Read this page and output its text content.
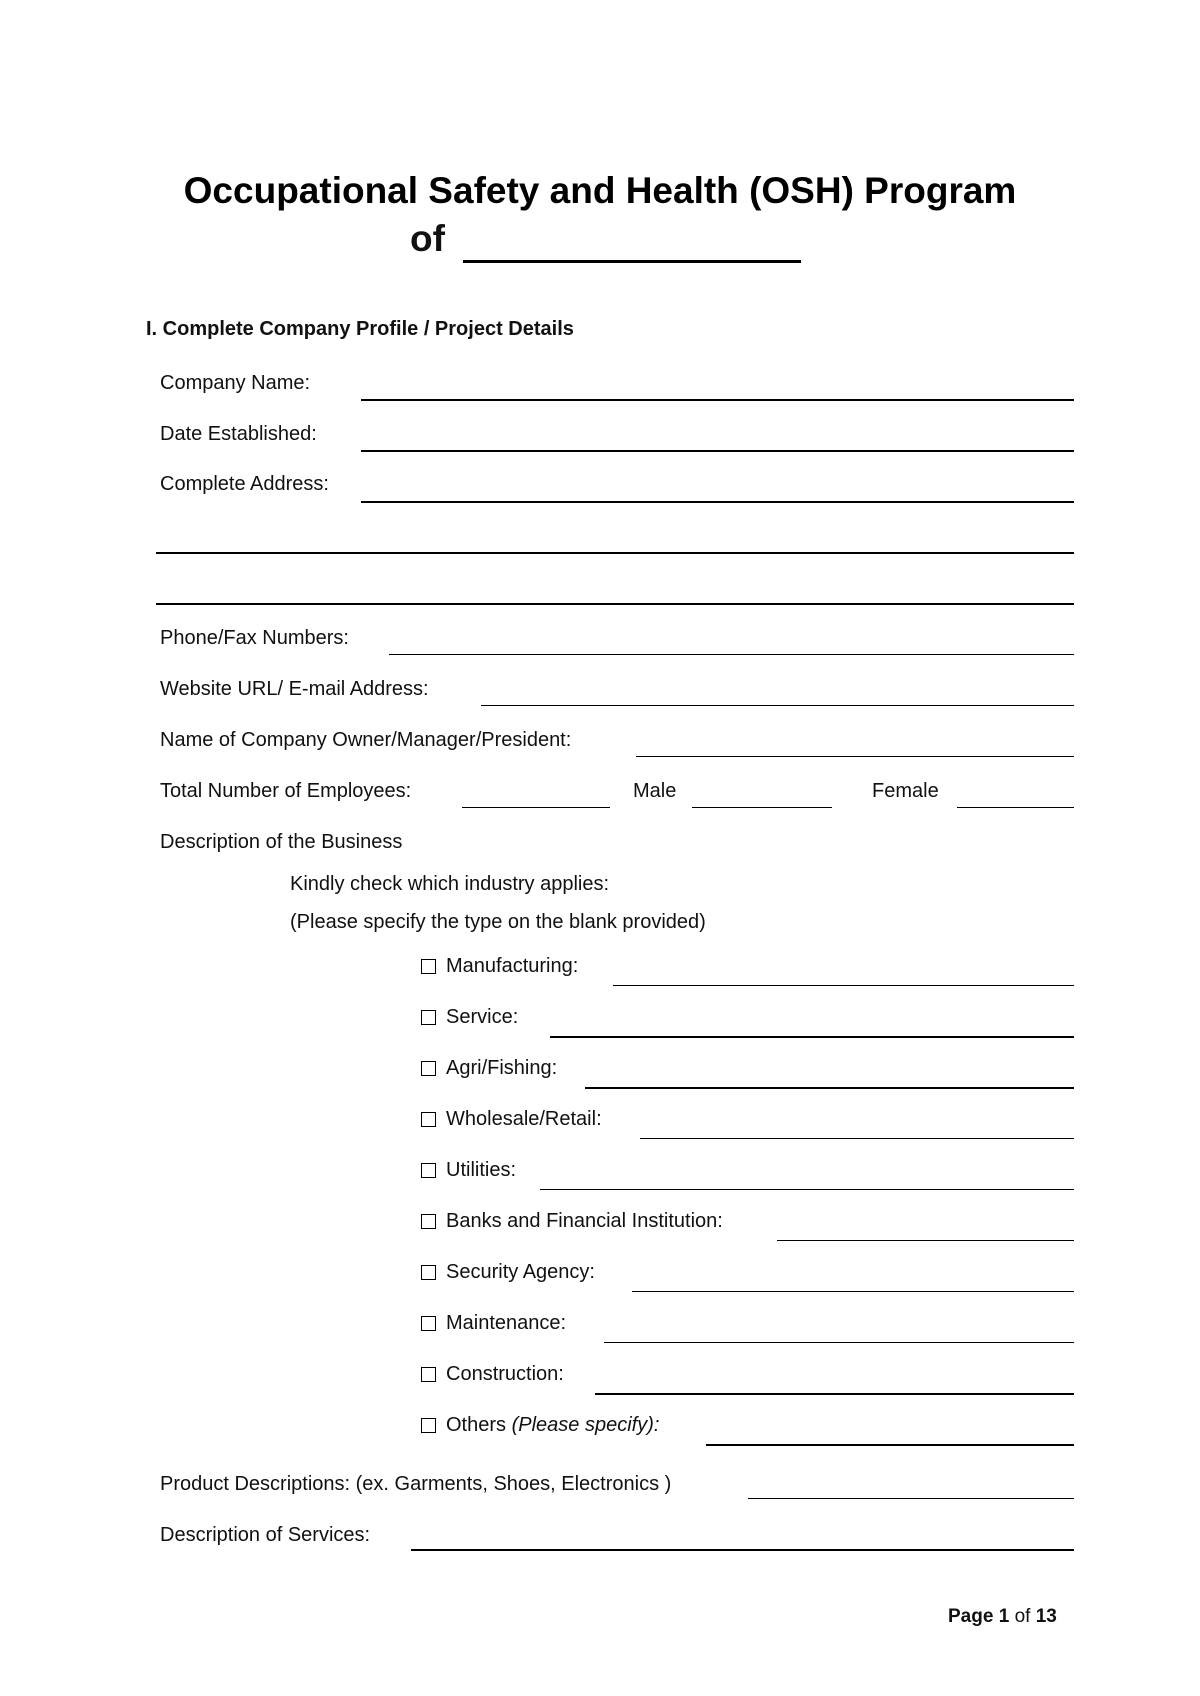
Occupational Safety and Health (OSH) Program
of
I. Complete Company Profile / Project Details
Company Name:
Date Established:
Complete Address:
Phone/Fax Numbers:
Website URL/ E-mail Address:
Name of Company Owner/Manager/President:
Total Number of Employees:	Male	Female
Description of the Business
Kindly check which industry applies:
(Please specify the type on the blank provided)
Manufacturing:
Service:
Agri/Fishing:
Wholesale/Retail:
Utilities:
Banks and Financial Institution:
Security Agency:
Maintenance:
Construction:
Others
(Please specify):
Product Descriptions: (ex. Garments, Shoes, Electronics )
Description of Services:
Page 1 of 13
